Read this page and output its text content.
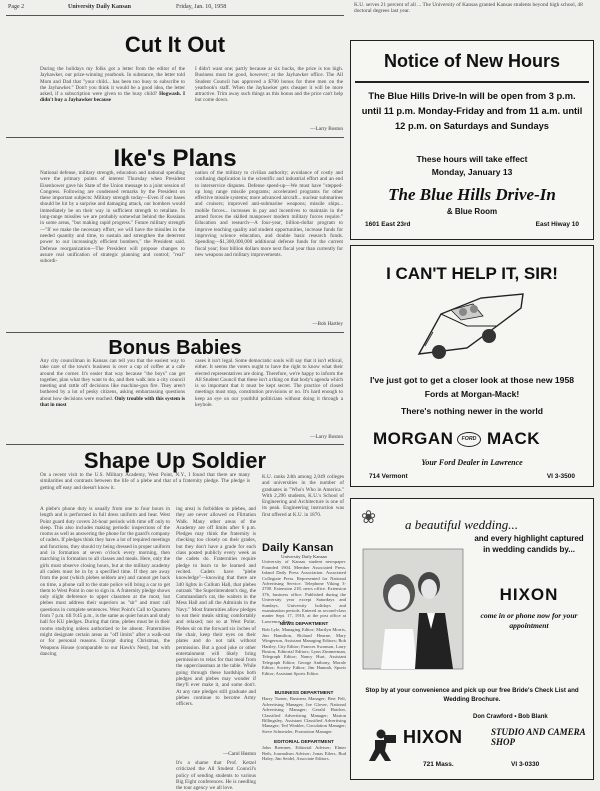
Page 2	University Daily Kansan	Friday, Jan. 10, 1958	K.U. serves 21 percent of all ... The University of Kansas granted Kansas students beyond high school, 48 doctoral degrees last year.
Cut It Out
During the holidays my folks got a letter from the editor of the Jayhawker, our prize-winning yearbook. In substance, the letter told Mom and Dad that "your child... has been too busy to subscribe to the Jayhawker." Don't you think it would be a good idea, the letter asked, if a subscription were given to the busy child? Hogwash. I didn't buy a Jayhawker because
I didn't want one; partly because at six bucks, the price is too high. Business must be good, however; at the Jayhawker office. The All Student Council has approved a $700 bonus for three men on the yearbook's staff. When the Jayhawker gets cheaper it will be more attractive. Trim away such things as this bonus and the price can't help but come down.
—Larry Boston
Ike's Plans
National defense, military strength, education and national spending were the primary points of interest Thursday when President Eisenhower gave his State of the Union message to a joint session of Congress. Following are condensed remarks by the President on these important subjects: Military strength today—Even if our bases should be hit by a surprise and damaging attack, our bombers would immediately be on their way in sufficient strength to retaliate. In long-range missiles we are probably somewhat behind the Russians in some areas, "but making rapid progress." Future military strength—"If we make the necessary effort, we will have the missiles in the needed quantity and time, to sustain and strengthen the deterrent power to our increasingly efficient bombers," the President said. Defense reorganization—The President will propose changes to assure real unification of strategic planning and control; "real" subordi-
nation of the military to civilian authority; avoidance of costly and confusing duplication in the scientific and industrial effort and an end to interservice disputes. Defense speed-up—We must have "stepped-up long range missile programs; accelerated programs for other effective missile systems; more advanced aircraft... nuclear submarines and cruisers; improved anti-submarine weapons; missile ships... mobile forces... increases in pay and incentives to maintain in the armed forces the skilled manpower modern military forces require." Education and research—A four-year, billion-dollar program to improve teaching quality and student opportunities, increase funds for improving science education, and double basic research funds. Spending—$1,300,000,000 additional defense funds for the current fiscal year; four billion dollars more next fiscal year than currently for new weapons and military improvements.
—Bob Hartley
Bonus Babies
Any city councilman in Kansas can tell you that the easiest way to take care of the town's business is over a cup of coffee at a cafe around the corner. It's easier that way because "the boys" can get together, plan what they want to do, and then walk into a city council meeting and rattle off decisions like machine-gun fire. They aren't bothered by a lot of pesky citizens, asking embarrassing questions about how decisions were reached. Only trouble with this system is that in most
cases it isn't legal. Some democratic souls will say that it isn't ethical, either. It seems the voters ought to have the right to know what their elected representatives are doing. Therefore, we're happy to inform the All Student Council that these isn't a thing on that body's agenda which is so important that it must be kept secret. The practice of closed meetings must stop, constitution provisions or no. It's hard enough to keep an eye on our youthful politicians without doing it through a keyhole.
—Larry Boston
Shape Up Soldier
On a recent visit to the U.S. Military Academy, West Point, N.Y., I found that there are many similarities and contrasts between the life of a plebe and that of a fraternity pledge. The pledge is getting off easy and doesn't know it.
A plebe's phone duty is usually from one to four hours in length and is performed in full dress uniform and bear. West Point guard duty covers 24-hour periods with time off only to sleep. This also includes making periodic inspections of the rooms as well as answering the phone for the guard's company of cadets. If pledges think they have a lot of required meetings and functions, they should try being dressed in proper uniform and in formation at seven o'clock every morning, then marching in formation to all classes and meals. Here, only the girls must observe closing hours, but at the military academy all cadets must be in by a specified time. If they are away from the post (which plebes seldom are) and cannot get back on time, a phone call to the state police will bring a car to get them to West Point in one to sign in. A fraternity pledge shows only slight deference to upper classmen at the most, but plebes must address their superiors as "sir" and must call questions in complete sentences. West Point's Call to Quarters from 7 p.m. till 9:45 p.m., is the same as quiet hours and study hall for KU pledges. During that time, plebes must be in their rooms studying unless authorized to be absent. Fraternities might designate certain areas as "off limits" after a walk-out or for personal reasons. Except during Christmas, the Weapons House (comparable to our Hawk's Nest), but with dancing
ing area) is forbidden to plebes, and they are never allowed on Flirtation Walk. Many other areas of the Academy are off limits after 6 p.m. Pledges may think the fraternity is checking too closely on their grades, but they don't have a grade for each class posted publicly every week as the cadets do. Fraternities require pledge to learn to be learned and recited. Cadets have "plebe knowledge"—knowing that there are 340 lights in Cullum Hall, that plebes outrank "the Superintendent's dog, the Commandant's cat, the waiters in the Mess Hall and all the Admirals in the Navy." Most fraternities allow pledges to eat their meals sitting comfortably and relaxed; not so at West Point. Plebes sit on the forward six inches of the chair, keep their eyes on their plates and do not talk without permission. But a good joke or other entertainment will likely bring permission to relax for that meal from the upperclassman at the table. While going through these hardships both pledges and plebes may wonder if they'll ever make it, and some don't. At any rate pledges still graduate and plebes continue to become Army officers.
—Carol Huston
It's a shame that Prof. Ketzel criticized the All Student Council's policy of sending students to various Big Eight conferences. He is needling the tour agency we all love.
K.U. ranks 24th among 2,049 colleges and universities in the number of graduates in "Who's Who in America." With 2,296 students, K.U.'s School of Engineering and Architecture is one of its peak. Engineering instruction was first offered at K.U. in 1870.
Daily Kansan
University Daily Kansan
University of Kansas student newspaper. Founded 1904. Member Associated Press. Inland Daily Press Association. Associated Collegiate Press. Represented for National Advertising Service. Telephone Viking 3-2700. Extension 218, news office. Extension 376, business office. Published during the University year except Saturdays and Sundays, University holidays and examination periods. Entered as second-class matter Sept. 17, 1910, at the post office at Lawrence, Kan.
NEWS DEPARTMENT
Bob Lyle, Managing Editor; Marilyn Morris, Jim Hamilton, Richard Hearne, Mary Wingerson, Assistant Managing Editors; Bob Hartley, City Editor; Frances Swanson, Larry Boston, Editorial Editors; Lynn Zimmerman, Telegraph Editor; Nancy Hurt, Assistant Telegraph Editor; George Anthony, Morale Editor; Society Editor; Jim Hannah, Sports Editor; Assistant Sports Editor.
BUSINESS DEPARTMENT
Harry Turner, Business Manager; Bert Felt, Advertising Manager; Joe Glover, National Advertising Manager; Gerald Hatcher, Classified Advertising Manager; Marion Billingsley, Assistant Classified Advertising Manager; Ted Winkler, Circulation Manager; Steve Schnetzler, Promotion Manager.
EDITORIAL DEPARTMENT
John Bremner, Editorial Adviser; Elmer Beth, Journalism Adviser; Jonas Eilers, Bud Haley, Jim Seidel, Associate Editors.
Notice of New Hours
The Blue Hills Drive-In will be open from 3 p.m. until 11 p.m. Monday-Friday and from 11 a.m. until 12 p.m. on Saturdays and Sundays
These hours will take effect Monday, January 13
The Blue Hills Drive-In
& Blue Room
1601 East 23rd	East Hiway 10
I CAN'T HELP IT, SIR!
I've just got to get a closer look at those new 1958 Fords at Morgan-Mack!
There's nothing newer in the world
MORGAN	FORD MACK
Your Ford Dealer in Lawrence
714 Vermont	VI 3-3500
a beautiful wedding...
❀
and every highlight captured in wedding candids by...
HIXON
come in or phone now for your appointment
Stop by at your convenience and pick up our free Bride's Check List and Wedding Brochure.
Don Crawford • Bob Blank
HIXON	STUDIO AND CAMERA SHOP
721 Mass.	VI 3-0330
